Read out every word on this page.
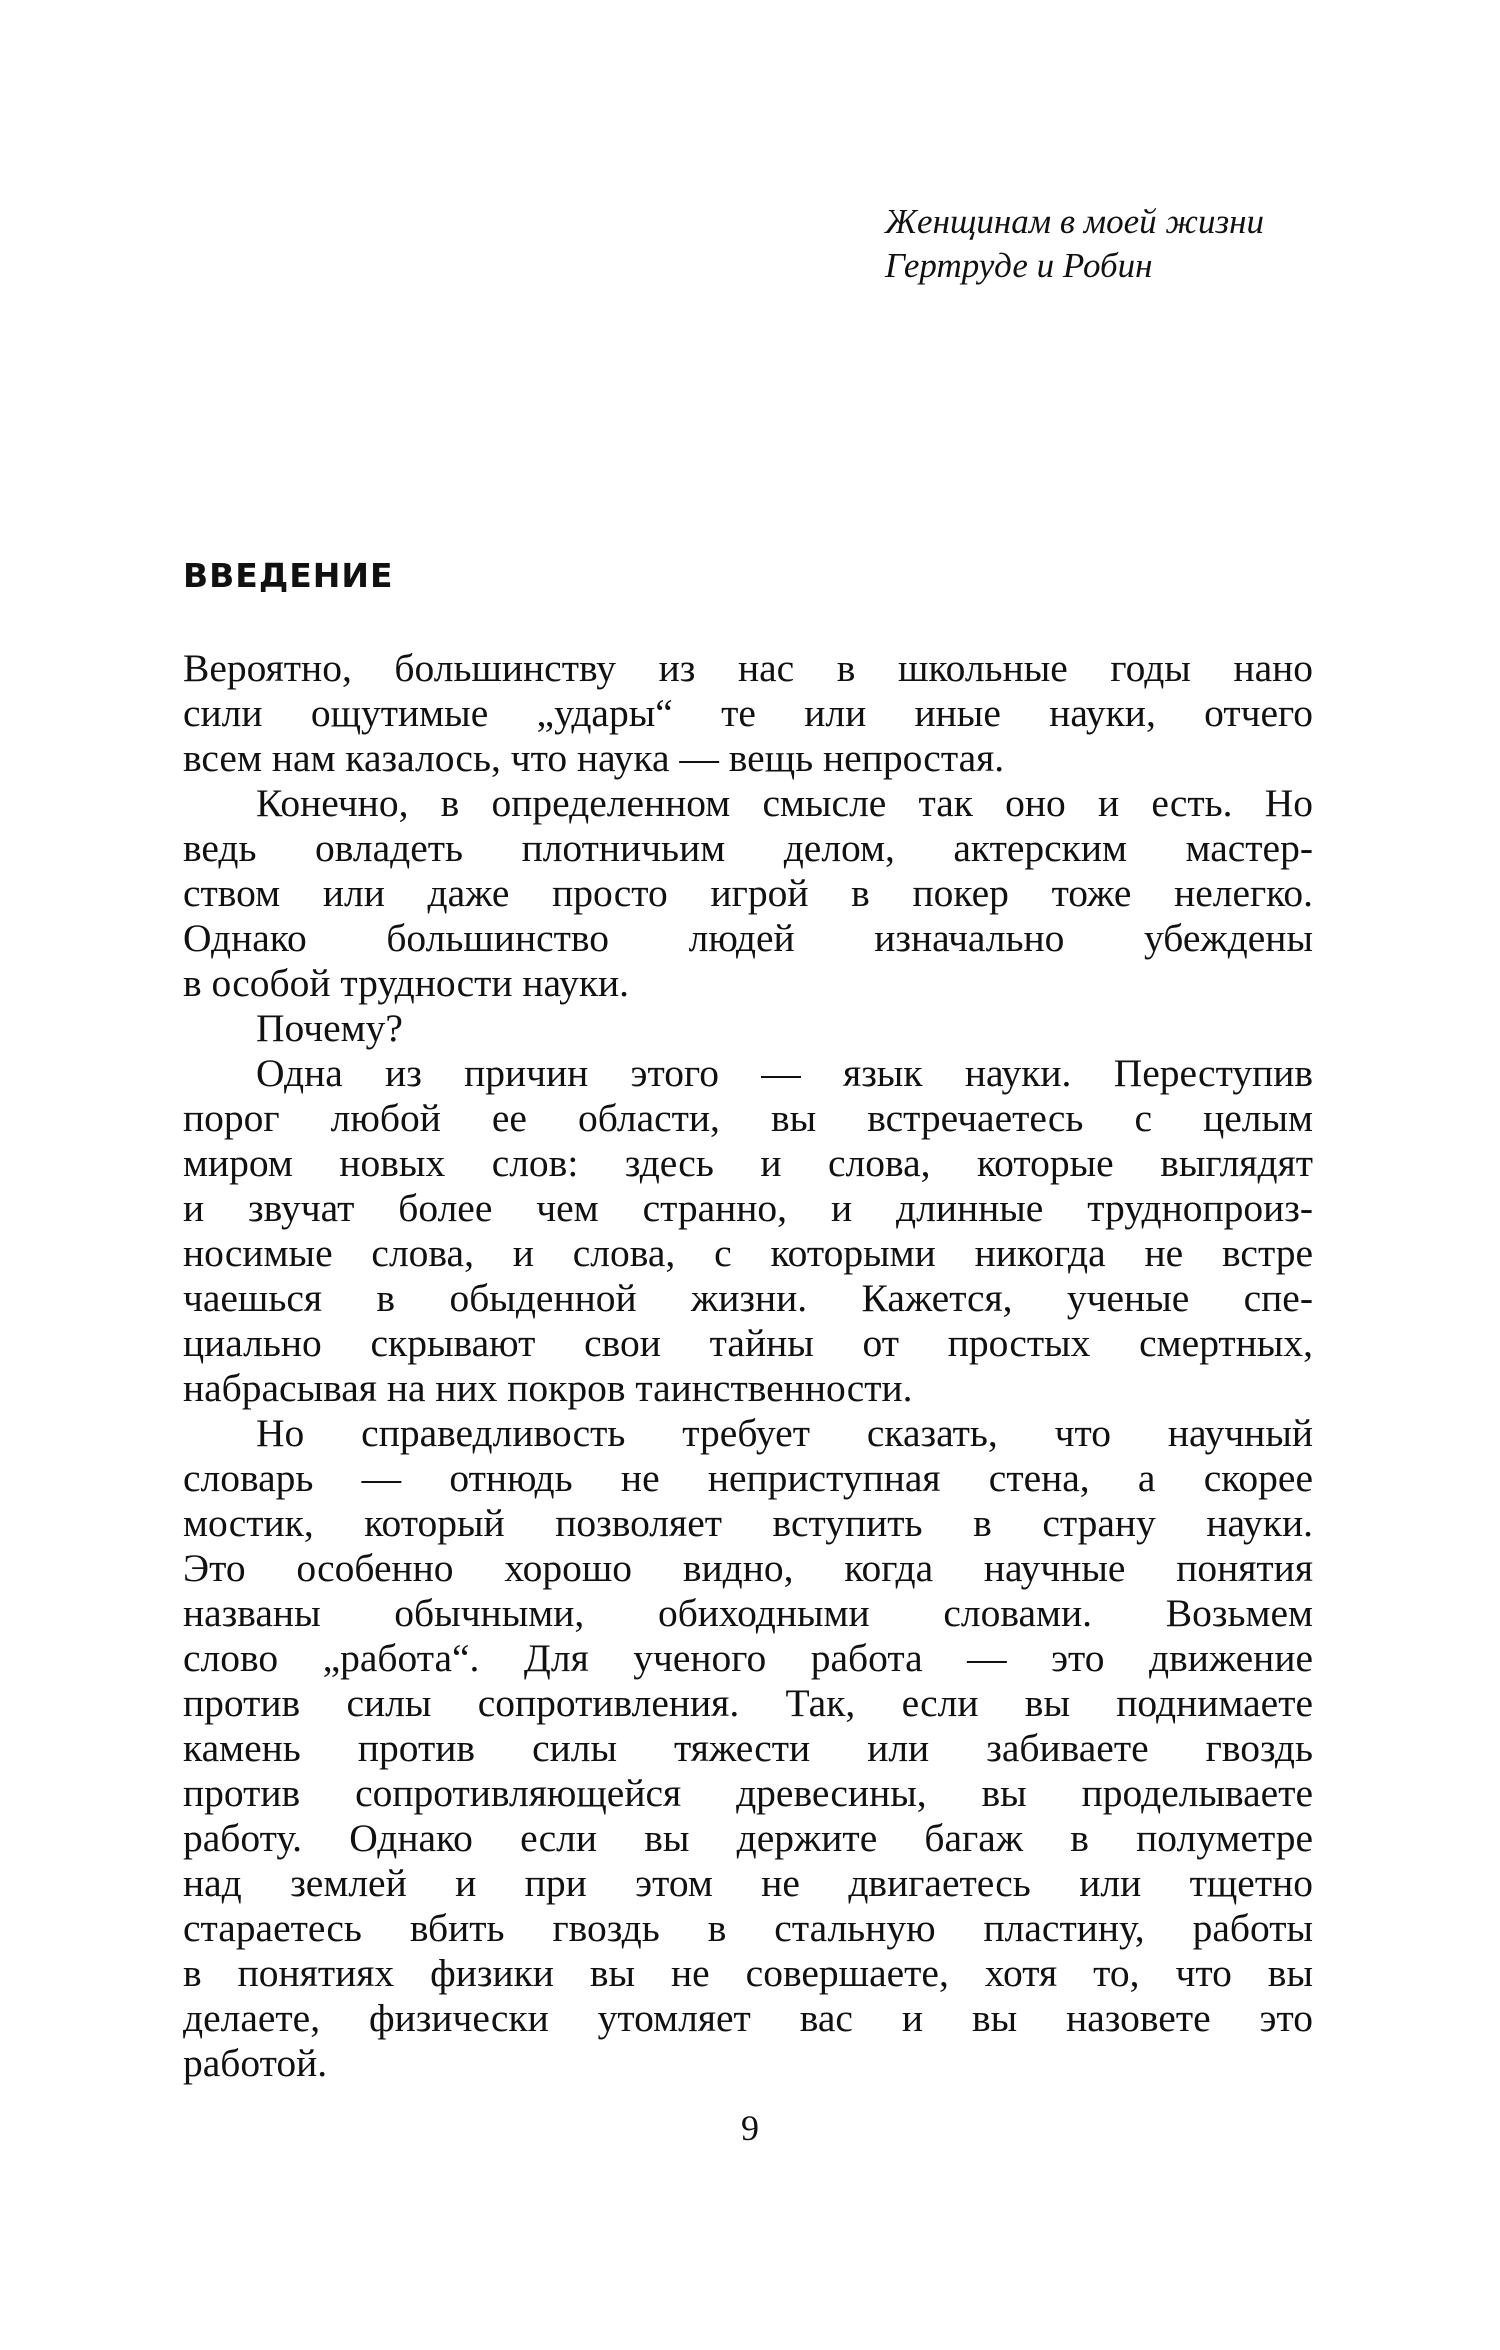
Женщинам в моей жизни
Гертруде и Робин
ВВЕДЕНИЕ
Вероятно, большинству из нас в школьные годы нано
сили ощутимые „удары“ те или иные науки, отчего
всем нам казалось, что наука — вещь непростая.
Конечно, в определенном смысле так оно и есть. Но
ведь овладеть плотничьим делом, актерским мастер-
ством или даже просто игрой в покер тоже нелегко.
Однако большинство людей изначально убеждены
в особой трудности науки.
Почему?
Одна из причин этого — язык науки. Переступив
порог любой ее области, вы встречаетесь с целым
миром новых слов: здесь и слова, которые выглядят
и звучат более чем странно, и длинные труднопроиз-
носимые слова, и слова, с которыми никогда не встре
чаешься в обыденной жизни. Кажется, ученые спе-
циально скрывают свои тайны от простых смертных,
набрасывая на них покров таинственности.
Но справедливость требует сказать, что научный
словарь — отнюдь не неприступная стена, а скорее
мостик, который позволяет вступить в страну науки.
Это особенно хорошо видно, когда научные понятия
названы обычными, обиходными словами. Возьмем
слово „работа“. Для ученого работа — это движение
против силы сопротивления. Так, если вы поднимаете
камень против силы тяжести или забиваете гвоздь
против сопротивляющейся древесины, вы проделываете
работу. Однако если вы держите багаж в полуметре
над землей и при этом не двигаетесь или тщетно
стараетесь вбить гвоздь в стальную пластину, работы
в понятиях физики вы не совершаете, хотя то, что вы
делаете, физически утомляет вас и вы назовете это
работой.
9
